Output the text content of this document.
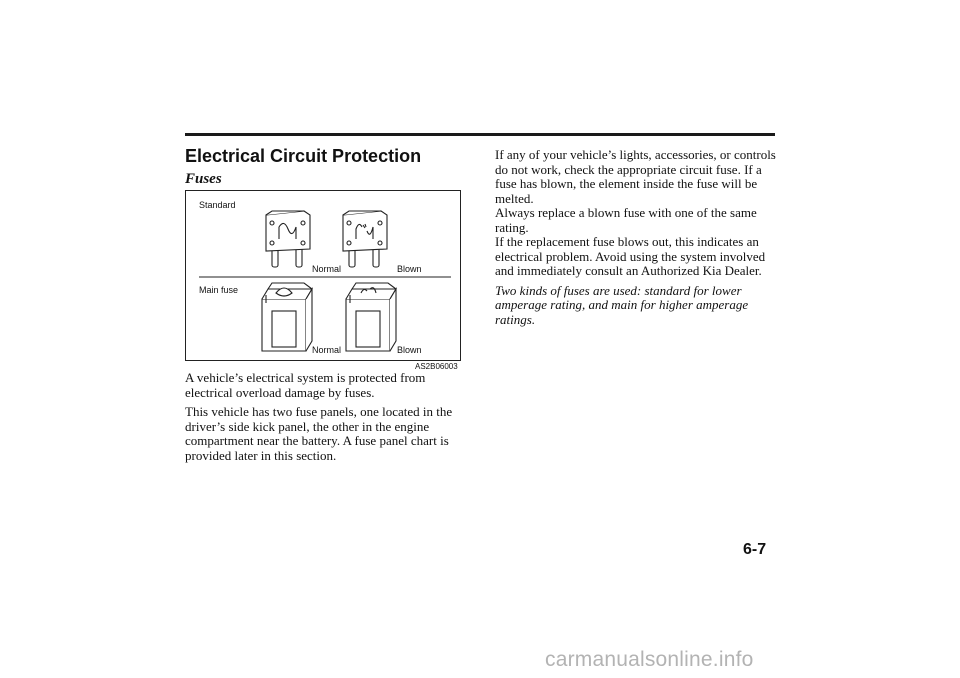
Electrical Circuit Protection
Fuses
Standard
Normal	Blown
Main fuse
Normal	Blown
AS2B06003

A vehicle’s electrical system is protected from electrical overload damage by fuses.

This vehicle has two fuse panels, one located in the driver’s side kick panel, the other in the engine compartment near the battery. A fuse panel chart is provided later in this section.

If any of your vehicle’s lights, accessories, or controls do not work, check the appropriate circuit fuse. If a fuse has blown, the element inside the fuse will be melted.

Always replace a blown fuse with one of the same rating.

If the replacement fuse blows out, this indicates an electrical problem. Avoid using the system involved and immediately consult an Authorized Kia Dealer.

Two kinds of fuses are used: standard for lower amperage rating, and main for higher amperage ratings.

6-7
carmanualsonline.info
